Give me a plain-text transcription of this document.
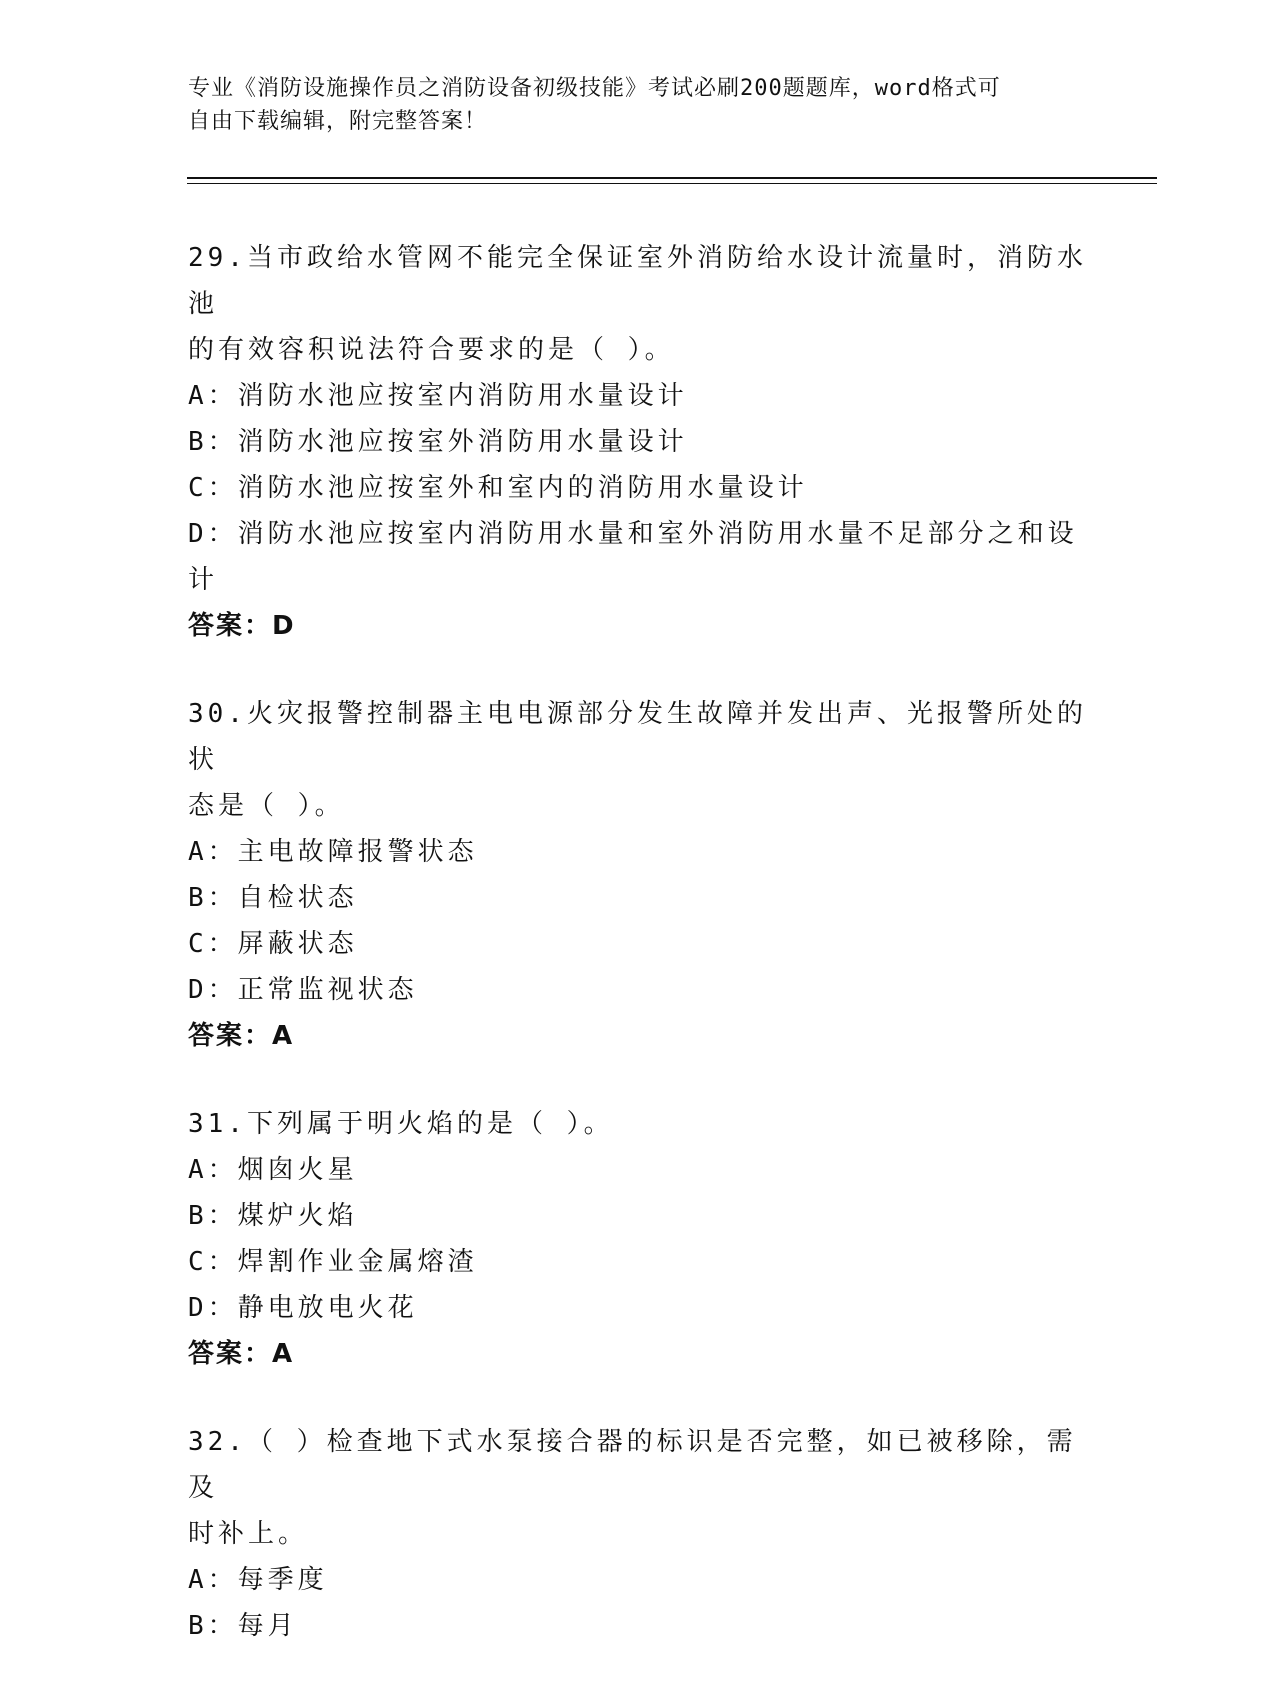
专业《消防设施操作员之消防设备初级技能》考试必刷200题题库，word格式可
自由下载编辑，附完整答案！
29.当市政给水管网不能完全保证室外消防给水设计流量时，消防水池
的有效容积说法符合要求的是（ ）。
A：消防水池应按室内消防用水量设计
B：消防水池应按室外消防用水量设计
C：消防水池应按室外和室内的消防用水量设计
D：消防水池应按室内消防用水量和室外消防用水量不足部分之和设计
答案：D
30.火灾报警控制器主电电源部分发生故障并发出声、光报警所处的状
态是（ ）。
A：主电故障报警状态
B：自检状态
C：屏蔽状态
D：正常监视状态
答案：A
31.下列属于明火焰的是（ ）。
A：烟囱火星
B：煤炉火焰
C：焊割作业金属熔渣
D：静电放电火花
答案：A
32.（ ）检查地下式水泵接合器的标识是否完整，如已被移除，需及
时补上。
A：每季度
B：每月
